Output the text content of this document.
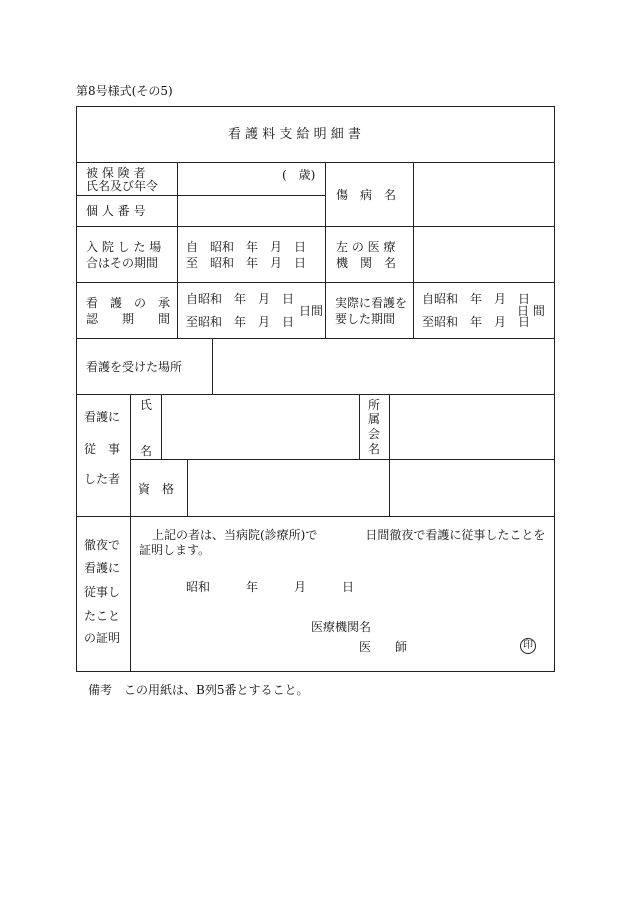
第8号様式(その5)
看 護 料 支 給 明 細 書
被 保 険 者
氏名及び年令
(　歳)
傷　病　名
個 人 番 号
入 院 し た 場
合はその期間
自　昭和　年　月　日
至　昭和　年　月　日
左 の 医 療
機　関　名
看　護　の　承
認　　期　　間
自昭和　年　月　日
至昭和　年　月　日
日間
実際に看護を
要した期間
自昭和　年　月　日
至昭和　年　月　日
日 間
看護を受けた場所
看護に
従　事
した者
氏
名
所
属
会
名
資　格
徹夜で
看護に
従事し
たこと
の証明
上記の者は、当病院(診療所)で　　　　日間徹夜で看護に従事したことを
証明します。
昭和　　　年　　　月　　　日
医療機関名
医　　師	印
備考　この用紙は、B列5番とすること。
